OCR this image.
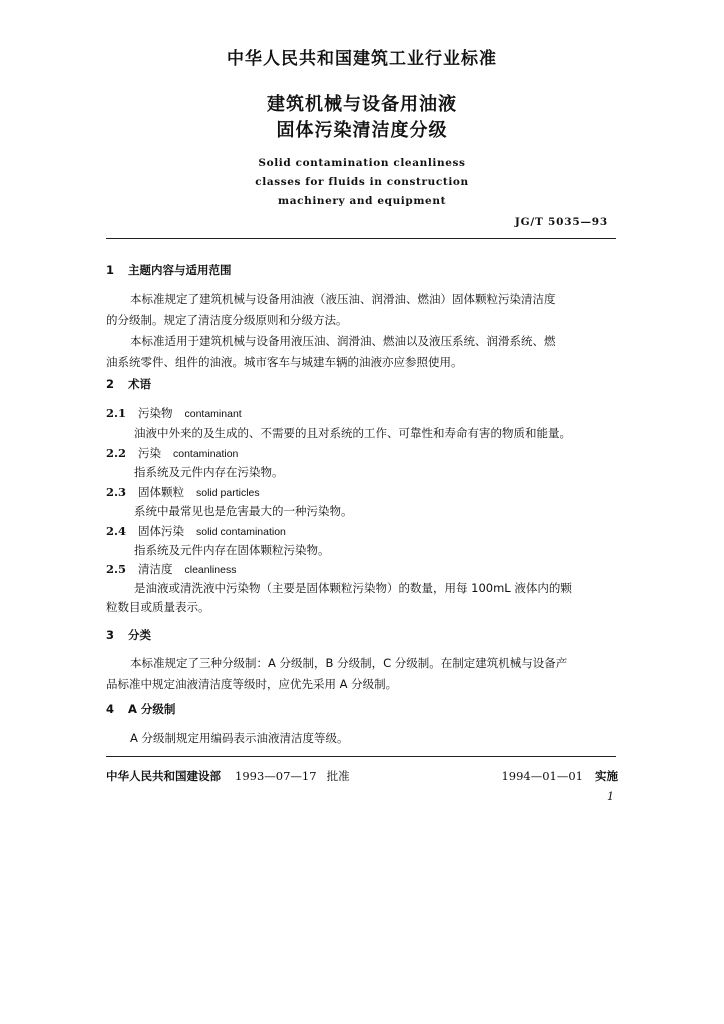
中华人民共和国建筑工业行业标准
建筑机械与设备用油液
固体污染清洁度分级
Solid contamination cleanliness
classes for fluids in construction
machinery and equipment
JG/T 5035—93
1 主题内容与适用范围

本标准规定了建筑机械与设备用油液（液压油、润滑油、燃油）固体颗粒污染清洁度

的分级制。规定了清洁度分级原则和分级方法。

本标准适用于建筑机械与设备用液压油、润滑油、燃油以及液压系统、润滑系统、燃

油系统零件、组件的油液。城市客车与城建车辆的油液亦应参照使用。

2 术语
2.1 污染物 contaminant
油液中外来的及生成的、不需要的且对系统的工作、可靠性和寿命有害的物质和能量。
2.2 污染 contamination
指系统及元件内存在污染物。
2.3 固体颗粒 solid particles
系统中最常见也是危害最大的一种污染物。
2.4 固体污染 solid contamination
指系统及元件内存在固体颗粒污染物。
2.5 清洁度 cleanliness
是油液或清洗液中污染物（主要是固体颗粒污染物）的数量，用每 100mL 液体内的颗
粒数目或质量表示。
3 分类

本标准规定了三种分级制：A 分级制，B 分级制，C 分级制。在制定建筑机械与设备产

品标准中规定油液清洁度等级时，应优先采用 A 分级制。

4 A 分级制

A 分级制规定用编码表示油液清洁度等级。

中华人民共和国建设部 1993—07—17 批准	1994—01—01 实施
1
